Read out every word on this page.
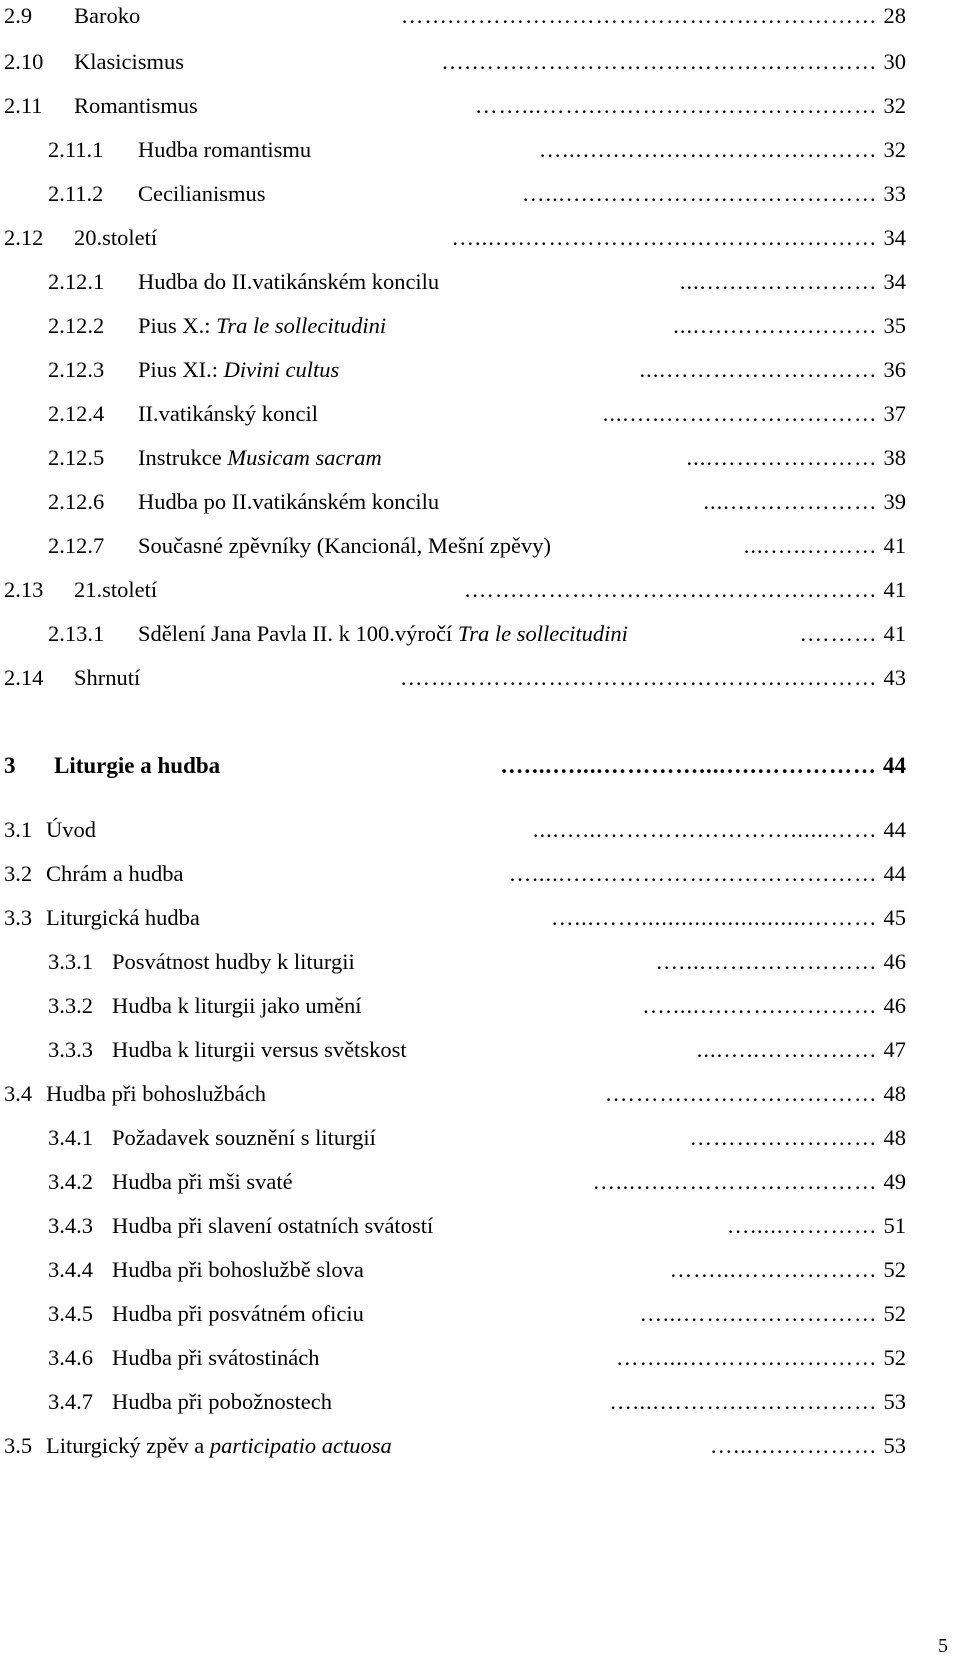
2.9	Baroko	……………………………………………….…… 28
2.10	Klasicismus	……………………………………….…….… 30
2.11	Romantismus	……………………………….……...…… 32
2.11.1	Hudba romantismu	……………………….…….…...… 32
2.11.2	Cecilianismus	……………………………….…...… 33
2.12	20.století	……………………………………….…...… 34
2.12.1	Hudba do II.vatikánském koncilu	……………….….... 34
2.12.2	Pius X.: Tra le sollecitudini	……….……….….... 35
2.12.3	Pius XI.: Divini cultus	……………………….... 36
2.12.4	II.vatikánský koncil	………………………..….... 37
2.12.5	Instrukce Musicam sacram	………………….... 38
2.12.6	Hudba po II.vatikánském koncilu	…………….….... 39
2.12.7	Současné zpěvníky (Kancionál, Mešní zpěvy)	………..….... 41
2.13	21.století	……………………………………….……. 41
2.13.1	Sdělení Jana Pavla II. k 100.výročí Tra le sollecitudini	………. 41
2.14	Shrnutí	……………………………………………………. 43
3	Liturgie a hudba	…………….…....…………....…...…. 44
3.1 Úvod	……......……………………...….... 44
3.2 Chrám a hudba	……………………………….….....… 44
3.3 Liturgická hudba	……….........................……...… 45
3.3.1 Posvátnost hudby k liturgii	…………….……...…. 46
3.3.2 Hudba k liturgii jako umění	………….…….…....…. 46
3.3.3 Hudba k liturgii versus světskost	……………..….... 47
3.4 Hudba při bohoslužbách	…………………….………. 48
3.4.1 Požadavek souznění s liturgií	…………………… 48
3.4.2 Hudba při mši svaté	……………………….…...… 49
3.4.3 Hudba při slavení ostatních svátostí	………….....… 51
3.4.4 Hudba při bohoslužbě slova	………………...…… 52
3.4.5 Hudba při posvátném oficiu	……………….……...… 52
3.4.6 Hudba při svátostinách	……………………....…… 52
3.4.7 Hudba při pobožnostech	……………….………....… 53
3.5 Liturgický zpěv a participatio actuosa	………….…...… 53
5
